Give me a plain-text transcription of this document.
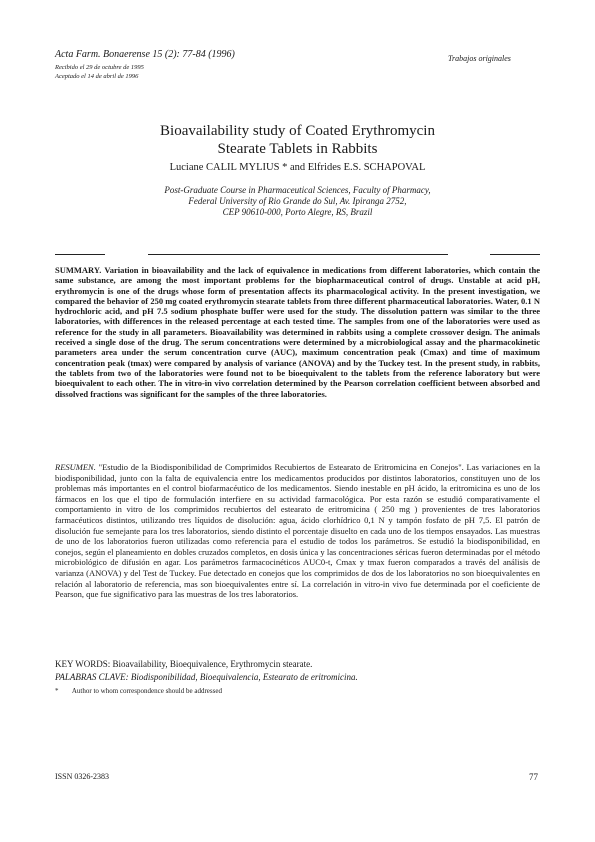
Acta Farm. Bonaerense 15 (2): 77-84 (1996)	Trabajos originales
Recibido el 29 de octubre de 1995
Aceptado el 14 de abril de 1996
Bioavailability study of Coated Erythromycin
Stearate Tablets in Rabbits
Luciane CALIL MYLIUS * and Elfrides E.S. SCHAPOVAL
Post-Graduate Course in Pharmaceutical Sciences, Faculty of Pharmacy,
Federal University of Rio Grande do Sul, Av. Ipiranga 2752,
CEP 90610-000, Porto Alegre, RS, Brazil
SUMMARY. Variation in bioavailability and the lack of equivalence in medications from different laboratories, which contain the same substance, are among the most important problems for the biopharmaceutical control of drugs. Unstable at acid pH, erythromycin is one of the drugs whose form of presentation affects its pharmacological activity. In the present investigation, we compared the behavior of 250 mg coated erythromycin stearate tablets from three different pharmaceutical laboratories. Water, 0.1 N hydrochloric acid, and pH 7.5 sodium phosphate buffer were used for the study. The dissolution pattern was similar to the three laboratories, with differences in the released percentage at each tested time. The samples from one of the laboratories were used as reference for the study in all parameters. Bioavailability was determined in rabbits using a complete crossover design. The animals received a single dose of the drug. The serum concentrations were determined by a microbiological assay and the pharmacokinetic parameters area under the serum concentration curve (AUC), maximum concentration peak (Cmax) and time of maximum concentration peak (tmax) were compared by analysis of variance (ANOVA) and by the Tuckey test. In the present study, in rabbits, the tablets from two of the laboratories were found not to be bioequivalent to the tablets from the reference laboratory but were bioequivalent to each other. The in vitro-in vivo correlation determined by the Pearson correlation coefficient between absorbed and dissolved fractions was significant for the samples of the three laboratories.
RESUMEN. "Estudio de la Biodisponibilidad de Comprimidos Recubiertos de Estearato de Eritromicina en Conejos". Las variaciones en la biodisponibilidad, junto con la falta de equivalencia entre los medicamentos producidos por distintos laboratorios, constituyen uno de los problemas más importantes en el control biofarmacéutico de los medicamentos. Siendo inestable en pH ácido, la eritromicina es uno de los fármacos en los que el tipo de formulación interfiere en su actividad farmacológica. Por esta razón se estudió comparativamente el comportamiento in vitro de los comprimidos recubiertos del estearato de eritromicina ( 250 mg ) provenientes de tres laboratorios farmacéuticos distintos, utilizando tres líquidos de disolución: agua, ácido clorhídrico 0,1 N y tampón fosfato de pH 7,5. El patrón de disolución fue semejante para los tres laboratorios, siendo distinto el porcentaje disuelto en cada uno de los tiempos ensayados. Las muestras de uno de los laboratorios fueron utilizadas como referencia para el estudio de todos los parámetros. Se estudió la biodisponibilidad, en conejos, según el planeamiento en dobles cruzados completos, en dosis única y las concentraciones séricas fueron determinadas por el método microbiológico de difusión en agar. Los parámetros farmacocinéticos AUC0-t, Cmax y tmax fueron comparados a través del análisis de varianza (ANOVA) y del Test de Tuckey. Fue detectado en conejos que los comprimidos de dos de los laboratorios no son bioequivalentes en relación al laboratorio de referencia, mas son bioequivalentes entre sí. La correlación in vitro-in vivo fue determinada por el coeficiente de Pearson, que fue significativo para las muestras de los tres laboratorios.
KEY WORDS: Bioavailability, Bioequivalence, Erythromycin stearate.
PALABRAS CLAVE: Biodisponibilidad, Bioequivalencia, Estearato de eritromicina.
* Author to whom correspondence should be addressed
ISSN 0326-2383	77
